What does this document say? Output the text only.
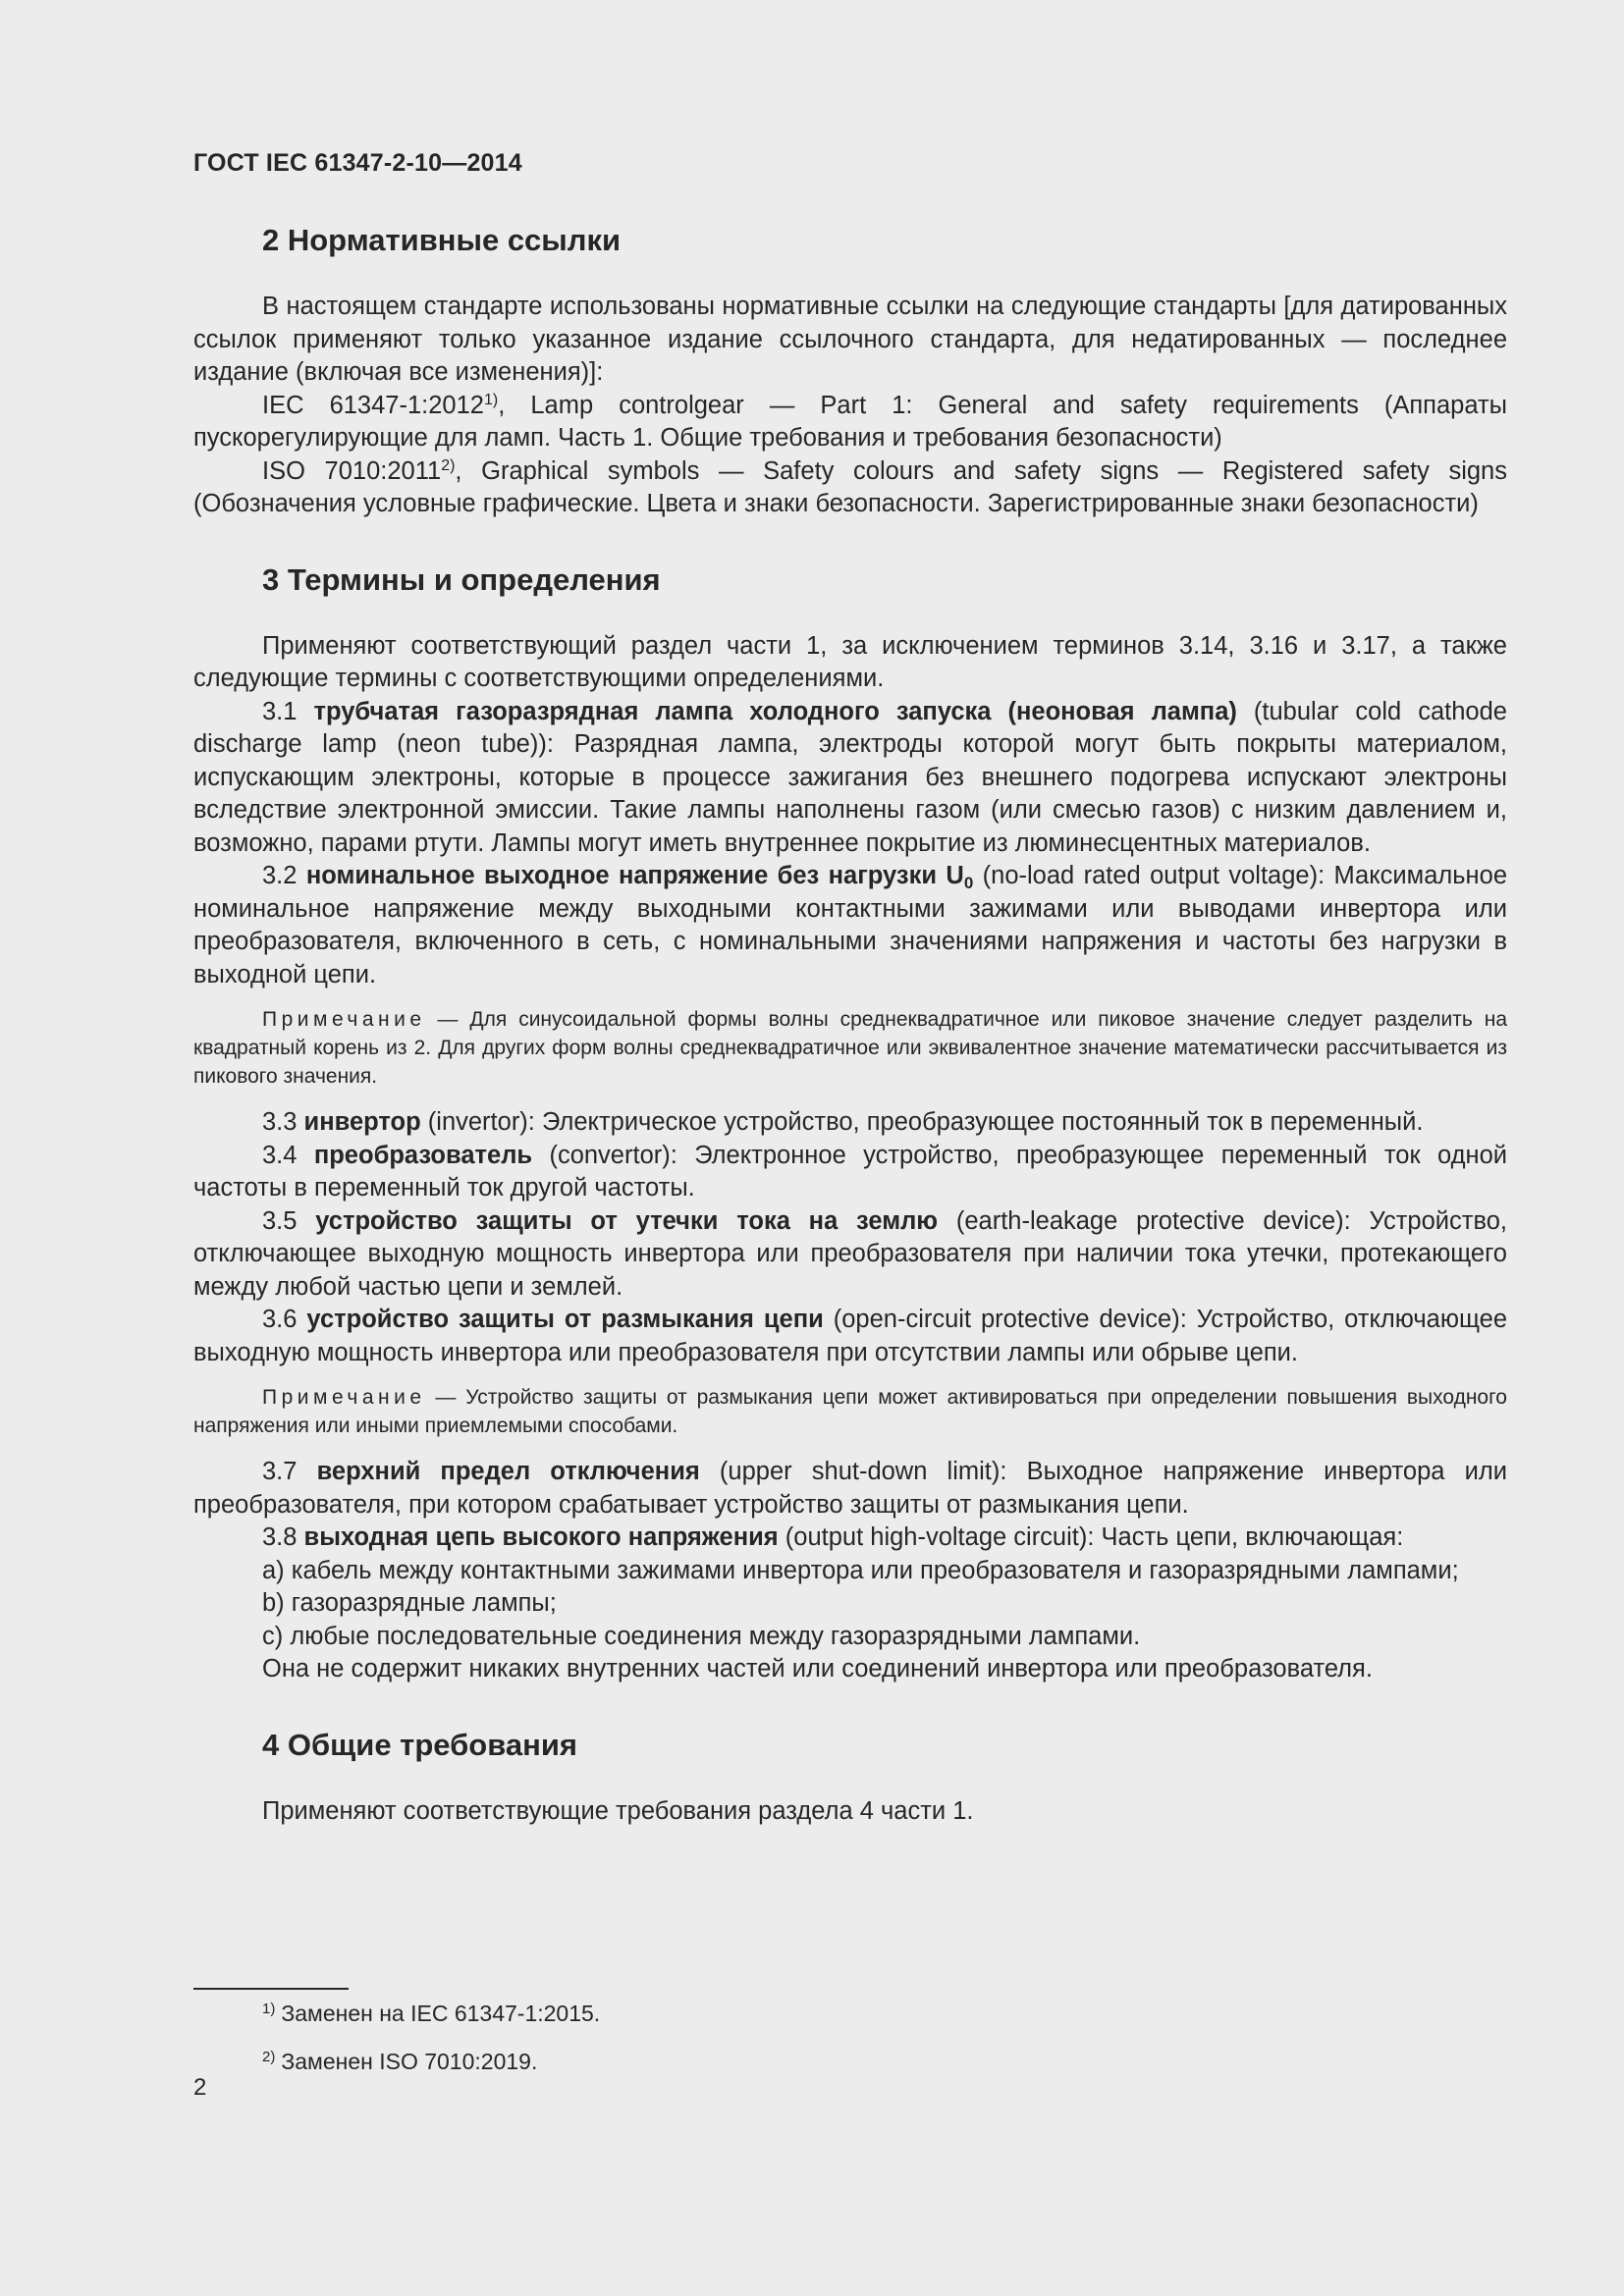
ГОСТ IEC 61347-2-10—2014
2 Нормативные ссылки

В настоящем стандарте использованы нормативные ссылки на следующие стандарты [для датированных ссылок применяют только указанное издание ссылочного стандарта, для недатированных — последнее издание (включая все изменения)]:

IEC 61347-1:2012$^{1)}$, Lamp controlgear — Part 1: General and safety requirements (Аппараты пускорегулирующие для ламп. Часть 1. Общие требования и требования безопасности)

ISO 7010:2011$^{2)}$, Graphical symbols — Safety colours and safety signs — Registered safety signs (Обозначения условные графические. Цвета и знаки безопасности. Зарегистрированные знаки безопасности)

3 Термины и определения

Применяют соответствующий раздел части 1, за исключением терминов 3.14, 3.16 и 3.17, а также следующие термины с соответствующими определениями.

3.1 трубчатая газоразрядная лампа холодного запуска (неоновая лампа) (tubular cold cathode discharge lamp (neon tube)): Разрядная лампа, электроды которой могут быть покрыты материалом, испускающим электроны, которые в процессе зажигания без внешнего подогрева испускают электроны вследствие электронной эмиссии. Такие лампы наполнены газом (или смесью газов) с низким давлением и, возможно, парами ртути. Лампы могут иметь внутреннее покрытие из люминесцентных материалов.

3.2 номинальное выходное напряжение без нагрузки $U_0$ (no-load rated output voltage): Максимальное номинальное напряжение между выходными контактными зажимами или выводами инвертора или преобразователя, включенного в сеть, с номинальными значениями напряжения и частоты без нагрузки в выходной цепи.

Примечание — Для синусоидальной формы волны среднеквадратичное или пиковое значение следует разделить на квадратный корень из 2. Для других форм волны среднеквадратичное или эквивалентное значение математически рассчитывается из пикового значения.

3.3 инвертор (invertor): Электрическое устройство, преобразующее постоянный ток в переменный.

3.4 преобразователь (convertor): Электронное устройство, преобразующее переменный ток одной частоты в переменный ток другой частоты.

3.5 устройство защиты от утечки тока на землю (earth-leakage protective device): Устройство, отключающее выходную мощность инвертора или преобразователя при наличии тока утечки, протекающего между любой частью цепи и землей.

3.6 устройство защиты от размыкания цепи (open-circuit protective device): Устройство, отключающее выходную мощность инвертора или преобразователя при отсутствии лампы или обрыве цепи.

Примечание — Устройство защиты от размыкания цепи может активироваться при определении повышения выходного напряжения или иными приемлемыми способами.

3.7 верхний предел отключения (upper shut-down limit): Выходное напряжение инвертора или преобразователя, при котором срабатывает устройство защиты от размыкания цепи.

3.8 выходная цепь высокого напряжения (output high-voltage circuit): Часть цепи, включающая:

a) кабель между контактными зажимами инвертора или преобразователя и газоразрядными лампами;

b) газоразрядные лампы;

c) любые последовательные соединения между газоразрядными лампами.

Она не содержит никаких внутренних частей или соединений инвертора или преобразователя.

4 Общие требования

Применяют соответствующие требования раздела 4 части 1.

$^{1)}$ Заменен на IEC 61347-1:2015.
$^{2)}$ Заменен ISO 7010:2019.
2
